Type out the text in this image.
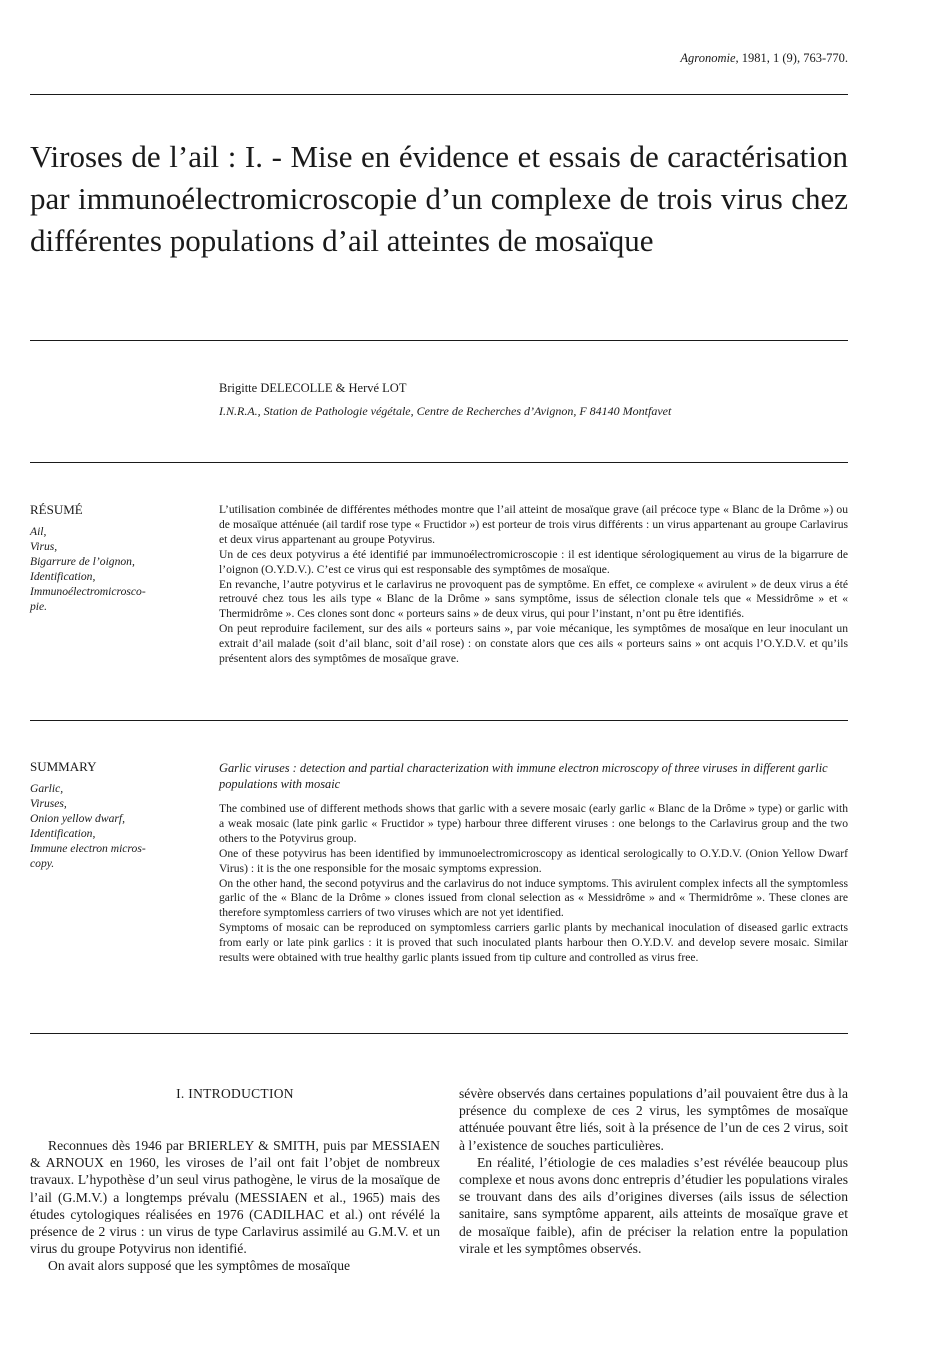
Agronomie, 1981, 1 (9), 763-770.
Viroses de l’ail : I. - Mise en évidence et essais de caractérisation par immunoélectromicroscopie d’un complexe de trois virus chez différentes populations d’ail atteintes de mosaïque
Brigitte DELECOLLE & Hervé LOT
I.N.R.A., Station de Pathologie végétale, Centre de Recherches d’Avignon, F 84140 Montfavet
RÉSUMÉ
Ail,
Virus,
Bigarrure de l’oignon,
Identification,
Immunoélectromicrosco-
pie.

L’utilisation combinée de différentes méthodes montre que l’ail atteint de mosaïque grave (ail précoce type « Blanc de la Drôme ») ou de mosaïque atténuée (ail tardif rose type « Fructidor ») est porteur de trois virus différents : un virus appartenant au groupe Carlavirus et deux virus appartenant au groupe Potyvirus.

Un de ces deux potyvirus a été identifié par immunoélectromicroscopie : il est identique sérologiquement au virus de la bigarrure de l’oignon (O.Y.D.V.). C’est ce virus qui est responsable des symptômes de mosaïque.

En revanche, l’autre potyvirus et le carlavirus ne provoquent pas de symptôme. En effet, ce complexe « avirulent » de deux virus a été retrouvé chez tous les ails type « Blanc de la Drôme » sans symptôme, issus de sélection clonale tels que « Messidrôme » et « Thermidrôme ». Ces clones sont donc « porteurs sains » de deux virus, qui pour l’instant, n’ont pu être identifiés.

On peut reproduire facilement, sur des ails « porteurs sains », par voie mécanique, les symptômes de mosaïque en leur inoculant un extrait d’ail malade (soit d’ail blanc, soit d’ail rose) : on constate alors que ces ails « porteurs sains » ont acquis l’O.Y.D.V. et qu’ils présentent alors des symptômes de mosaïque grave.

SUMMARY
Garlic,
Viruses,
Onion yellow dwarf,
Identification,
Immune electron micros-
copy.
Garlic viruses : detection and partial characterization with immune electron microscopy of three viruses in different garlic populations with mosaic

The combined use of different methods shows that garlic with a severe mosaic (early garlic « Blanc de la Drôme » type) or garlic with a weak mosaic (late pink garlic « Fructidor » type) harbour three different viruses : one belongs to the Carlavirus group and the two others to the Potyvirus group.

One of these potyvirus has been identified by immunoelectromicroscopy as identical serologically to O.Y.D.V. (Onion Yellow Dwarf Virus) : it is the one responsible for the mosaic symptoms expression.

On the other hand, the second potyvirus and the carlavirus do not induce symptoms. This avirulent complex infects all the symptomless garlic of the « Blanc de la Drôme » clones issued from clonal selection as « Messidrôme » and « Thermidrôme ». These clones are therefore symptomless carriers of two viruses which are not yet identified.

Symptoms of mosaic can be reproduced on symptomless carriers garlic plants by mechanical inoculation of diseased garlic extracts from early or late pink garlics : it is proved that such inoculated plants harbour then O.Y.D.V. and develop severe mosaic. Similar results were obtained with true healthy garlic plants issued from tip culture and controlled as virus free.

I. INTRODUCTION

Reconnues dès 1946 par BRIERLEY & SMITH, puis par MESSIAEN & ARNOUX en 1960, les viroses de l’ail ont fait l’objet de nombreux travaux. L’hypothèse d’un seul virus pathogène, le virus de la mosaïque de l’ail (G.M.V.) a longtemps prévalu (MESSIAEN et al., 1965) mais des études cytologiques réalisées en 1976 (CADILHAC et al.) ont révélé la présence de 2 virus : un virus de type Carlavirus assimilé au G.M.V. et un virus du groupe Potyvirus non identifié.

On avait alors supposé que les symptômes de mosaïque

sévère observés dans certaines populations d’ail pouvaient être dus à la présence du complexe de ces 2 virus, les symptômes de mosaïque atténuée pouvant être liés, soit à la présence de l’un de ces 2 virus, soit à l’existence de souches particulières.

En réalité, l’étiologie de ces maladies s’est révélée beaucoup plus complexe et nous avons donc entrepris d’étudier les populations virales se trouvant dans des ails d’origines diverses (ails issus de sélection sanitaire, sans symptôme apparent, ails atteints de mosaïque grave et de mosaïque faible), afin de préciser la relation entre la population virale et les symptômes observés.
